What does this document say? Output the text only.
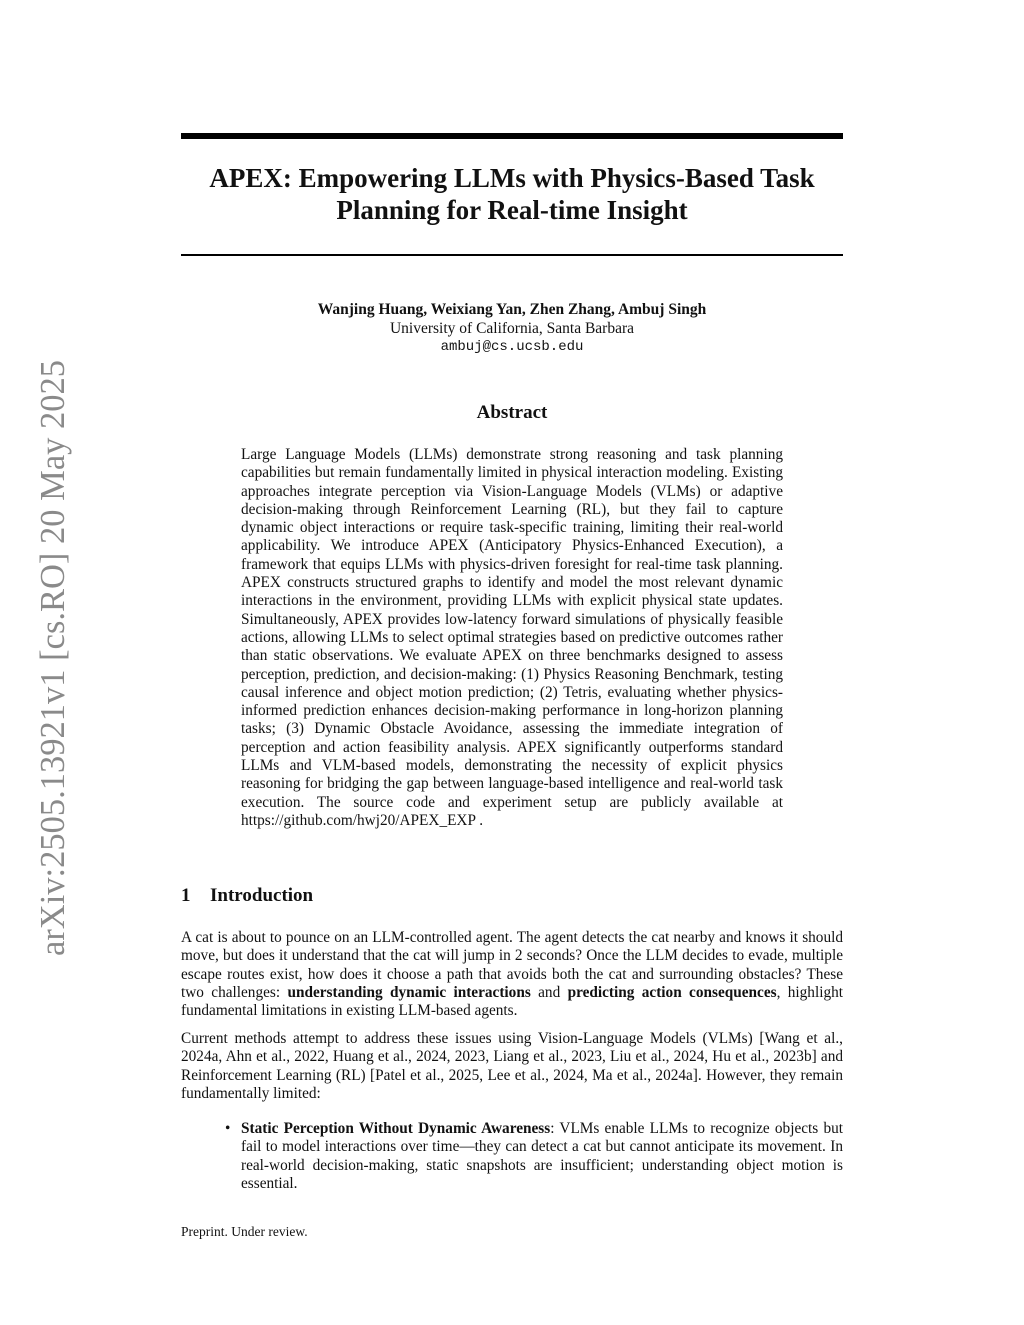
APEX: Empowering LLMs with Physics-Based Task Planning for Real-time Insight
Wanjing Huang, Weixiang Yan, Zhen Zhang, Ambuj Singh
University of California, Santa Barbara
ambuj@cs.ucsb.edu
arXiv:2505.13921v1 [cs.RO] 20 May 2025	Abstract

Large Language Models (LLMs) demonstrate strong reasoning and task planning capabilities but remain fundamentally limited in physical interaction modeling. Existing approaches integrate perception via Vision-Language Models (VLMs) or adaptive decision-making through Reinforcement Learning (RL), but they fail to capture dynamic object interactions or require task-specific training, limiting their real-world applicability. We introduce APEX (Anticipatory Physics-Enhanced Execution), a framework that equips LLMs with physics-driven foresight for real-time task planning. APEX constructs structured graphs to identify and model the most relevant dynamic interactions in the environment, providing LLMs with explicit physical state updates. Simultaneously, APEX provides low-latency forward simulations of physically feasible actions, allowing LLMs to select optimal strategies based on predictive outcomes rather than static observations. We evaluate APEX on three benchmarks designed to assess perception, prediction, and decision-making: (1) Physics Reasoning Benchmark, testing causal inference and object motion prediction; (2) Tetris, evaluating whether physics-informed prediction enhances decision-making performance in long-horizon planning tasks; (3) Dynamic Obstacle Avoidance, assessing the immediate integration of perception and action feasibility analysis. APEX significantly outperforms standard LLMs and VLM-based models, demonstrating the necessity of explicit physics reasoning for bridging the gap between language-based intelligence and real-world task execution. The source code and experiment setup are publicly available at https://github.com/hwj20/APEX_EXP .

1 Introduction

A cat is about to pounce on an LLM-controlled agent. The agent detects the cat nearby and knows it should move, but does it understand that the cat will jump in 2 seconds? Once the LLM decides to evade, multiple escape routes exist, how does it choose a path that avoids both the cat and surrounding obstacles? These two challenges: understanding dynamic interactions and predicting action consequences, highlight fundamental limitations in existing LLM-based agents.

Current methods attempt to address these issues using Vision-Language Models (VLMs) [Wang et al., 2024a, Ahn et al., 2022, Huang et al., 2024, 2023, Liang et al., 2023, Liu et al., 2024, Hu et al., 2023b] and Reinforcement Learning (RL) [Patel et al., 2025, Lee et al., 2024, Ma et al., 2024a]. However, they remain fundamentally limited:

• Static Perception Without Dynamic Awareness: VLMs enable LLMs to recognize objects but fail to model interactions over time—they can detect a cat but cannot anticipate its movement. In real-world decision-making, static snapshots are insufficient; understanding object motion is essential.
Preprint. Under review.
